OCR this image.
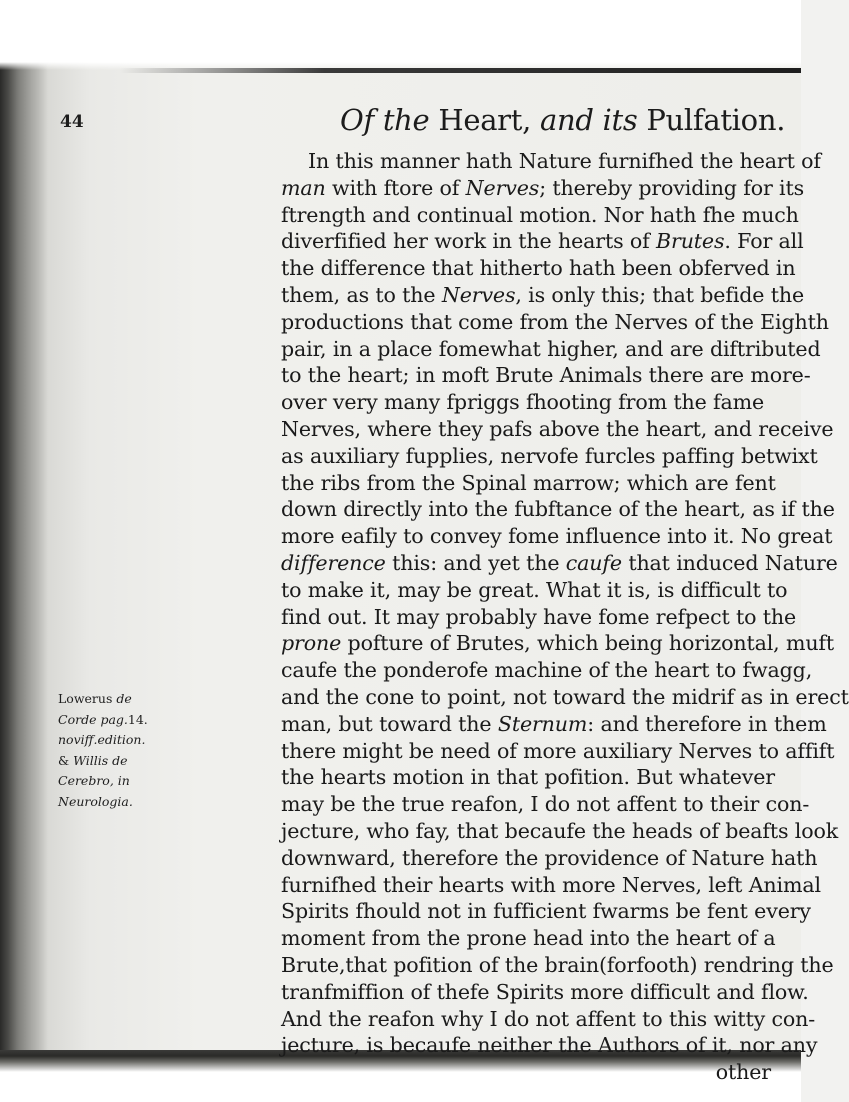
44	Of the Heart, and its Pulfation.

Lowerus de
Corde pag.14.
noviff.edition.
& Willis de
Cerebro, in
Neurologia.
In this manner hath Nature furnifhed the heart of
man with ftore of Nerves; thereby providing for its
ftrength and continual motion. Nor hath fhe much
diverfified her work in the hearts of Brutes. For all
the difference that hitherto hath been obferved in
them, as to the Nerves, is only this; that befide the
productions that come from the Nerves of the Eighth
pair, in a place fomewhat higher, and are diftributed
to the heart; in moft Brute Animals there are more-
over very many fpriggs fhooting from the fame
Nerves, where they pafs above the heart, and receive
as auxiliary fupplies, nervofe furcles paffing betwixt
the ribs from the Spinal marrow; which are fent
down directly into the fubftance of the heart, as if the
more eafily to convey fome influence into it. No great
difference this: and yet the caufe that induced Nature
to make it, may be great. What it is, is difficult to
find out. It may probably have fome refpect to the
prone pofture of Brutes, which being horizontal, muft
caufe the ponderofe machine of the heart to fwagg,
and the cone to point, not toward the midrif as in erect
man, but toward the Sternum: and therefore in them
there might be need of more auxiliary Nerves to affift
the hearts motion in that pofition. But whatever
may be the true reafon, I do not affent to their con-
jecture, who fay, that becaufe the heads of beafts look
downward, therefore the providence of Nature hath
furnifhed their hearts with more Nerves, left Animal
Spirits fhould not in fufficient fwarms be fent every
moment from the prone head into the heart of a
Brute,that pofition of the brain(forfooth) rendring the
tranfmiffion of thefe Spirits more difficult and flow.
And the reafon why I do not affent to this witty con-
jecture, is becaufe neither the Authors of it, nor any
other
